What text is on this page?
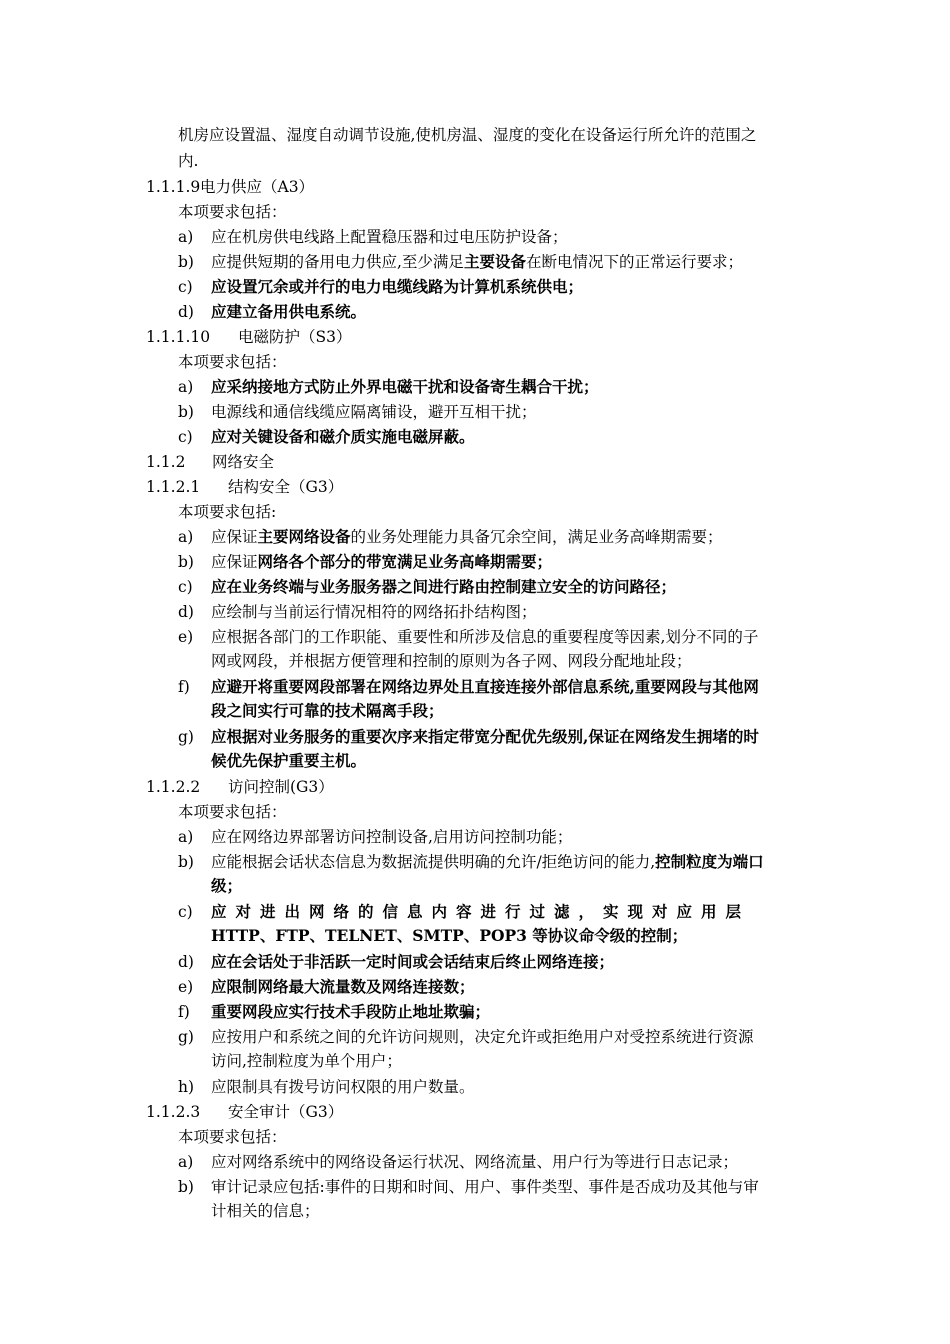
机房应设置温、湿度自动调节设施,使机房温、湿度的变化在设备运行所允许的范围之
内.
1.1.1.9 电力供应（A3）
本项要求包括：
a) 应在机房供电线路上配置稳压器和过电压防护设备；
b) 应提供短期的备用电力供应,至少满足主要设备在断电情况下的正常运行要求；
c) 应设置冗余或并行的电力电缆线路为计算机系统供电；
d) 应建立备用供电系统。
1.1.1.10 电磁防护（S3）
本项要求包括：
a) 应采纳接地方式防止外界电磁干扰和设备寄生耦合干扰；
b) 电源线和通信线缆应隔离铺设，避开互相干扰；
c) 应对关键设备和磁介质实施电磁屏蔽。
1.1.2 网络安全
1.1.2.1 结构安全（G3）
本项要求包括:
a) 应保证主要网络设备的业务处理能力具备冗余空间，满足业务高峰期需要；
b) 应保证网络各个部分的带宽满足业务高峰期需要；
c) 应在业务终端与业务服务器之间进行路由控制建立安全的访问路径；
d) 应绘制与当前运行情况相符的网络拓扑结构图；
e) 应根据各部门的工作职能、重要性和所涉及信息的重要程度等因素,划分不同的子
网或网段，并根据方便管理和控制的原则为各子网、网段分配地址段；
f) 应避开将重要网段部署在网络边界处且直接连接外部信息系统,重要网段与其他网
段之间实行可靠的技术隔离手段；
g) 应根据对业务服务的重要次序来指定带宽分配优先级别,保证在网络发生拥堵的时
候优先保护重要主机。
1.1.2.2 访问控制(G3）
本项要求包括：
a) 应在网络边界部署访问控制设备,启用访问控制功能；
b) 应能根据会话状态信息为数据流提供明确的允许/拒绝访问的能力,控制粒度为端口
级；
c) 应对进出网络的信息内容进行过滤，实现对应用层
HTTP、FTP、TELNET、SMTP、POP3 等协议命令级的控制；
d) 应在会话处于非活跃一定时间或会话结束后终止网络连接；
e) 应限制网络最大流量数及网络连接数；
f) 重要网段应实行技术手段防止地址欺骗；
g) 应按用户和系统之间的允许访问规则，决定允许或拒绝用户对受控系统进行资源
访问,控制粒度为单个用户；
h) 应限制具有拨号访问权限的用户数量。
1.1.2.3 安全审计（G3）
本项要求包括：
a) 应对网络系统中的网络设备运行状况、网络流量、用户行为等进行日志记录；
b) 审计记录应包括:事件的日期和时间、用户、事件类型、事件是否成功及其他与审
计相关的信息；
